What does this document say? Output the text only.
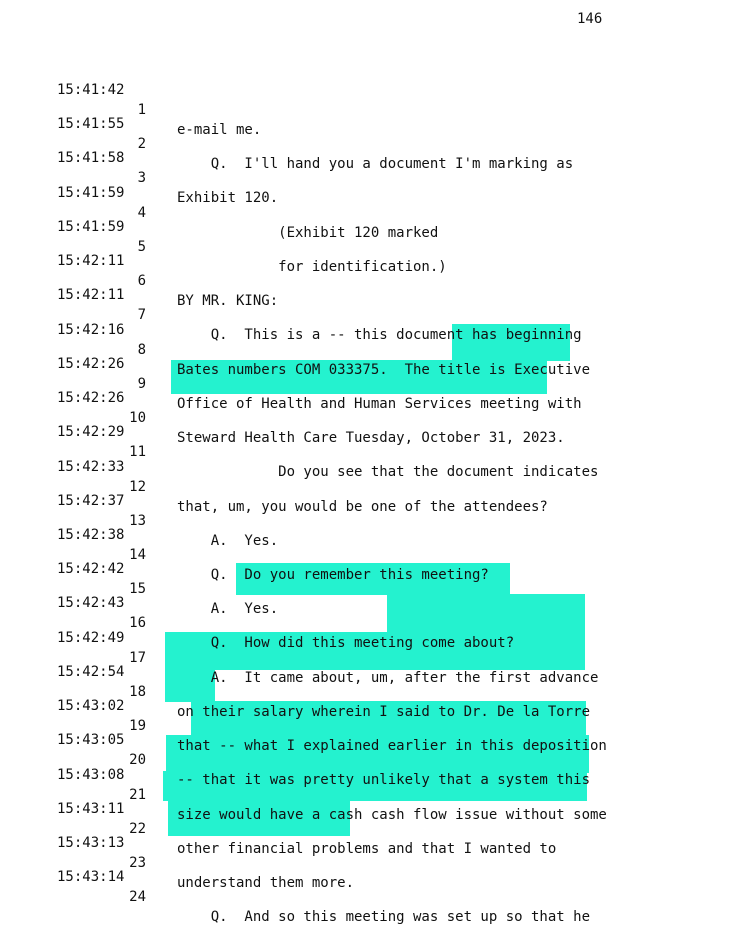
146

15:41:42

1

e-mail me.

15:41:55

2

Q.  I'll hand you a document I'm marking as

15:41:58

3

Exhibit 120.

15:41:59

4

(Exhibit 120 marked

15:41:59

5

for identification.)

15:42:11

6

BY MR. KING:

15:42:11

7

Q.  This is a -- this document has beginning

15:42:16

8

Bates numbers COM 033375.  The title is Executive

15:42:26

9

Office of Health and Human Services meeting with

15:42:26

10

Steward Health Care Tuesday, October 31, 2023.

15:42:29

11

Do you see that the document indicates

15:42:33

12

that, um, you would be one of the attendees?

15:42:37

13

A.  Yes.

15:42:38

14

Q.  Do you remember this meeting?

15:42:42

15

A.  Yes.

15:42:43

16

Q.  How did this meeting come about?

15:42:49

17

A.  It came about, um, after the first advance

15:42:54

18

on their salary wherein I said to Dr. De la Torre

15:43:02

19

that -- what I explained earlier in this deposition

15:43:05

20

-- that it was pretty unlikely that a system this

15:43:08

21

size would have a cash cash flow issue without some

15:43:11

22

other financial problems and that I wanted to

15:43:13

23

understand them more.

15:43:14

24

Q.  And so this meeting was set up so that he
